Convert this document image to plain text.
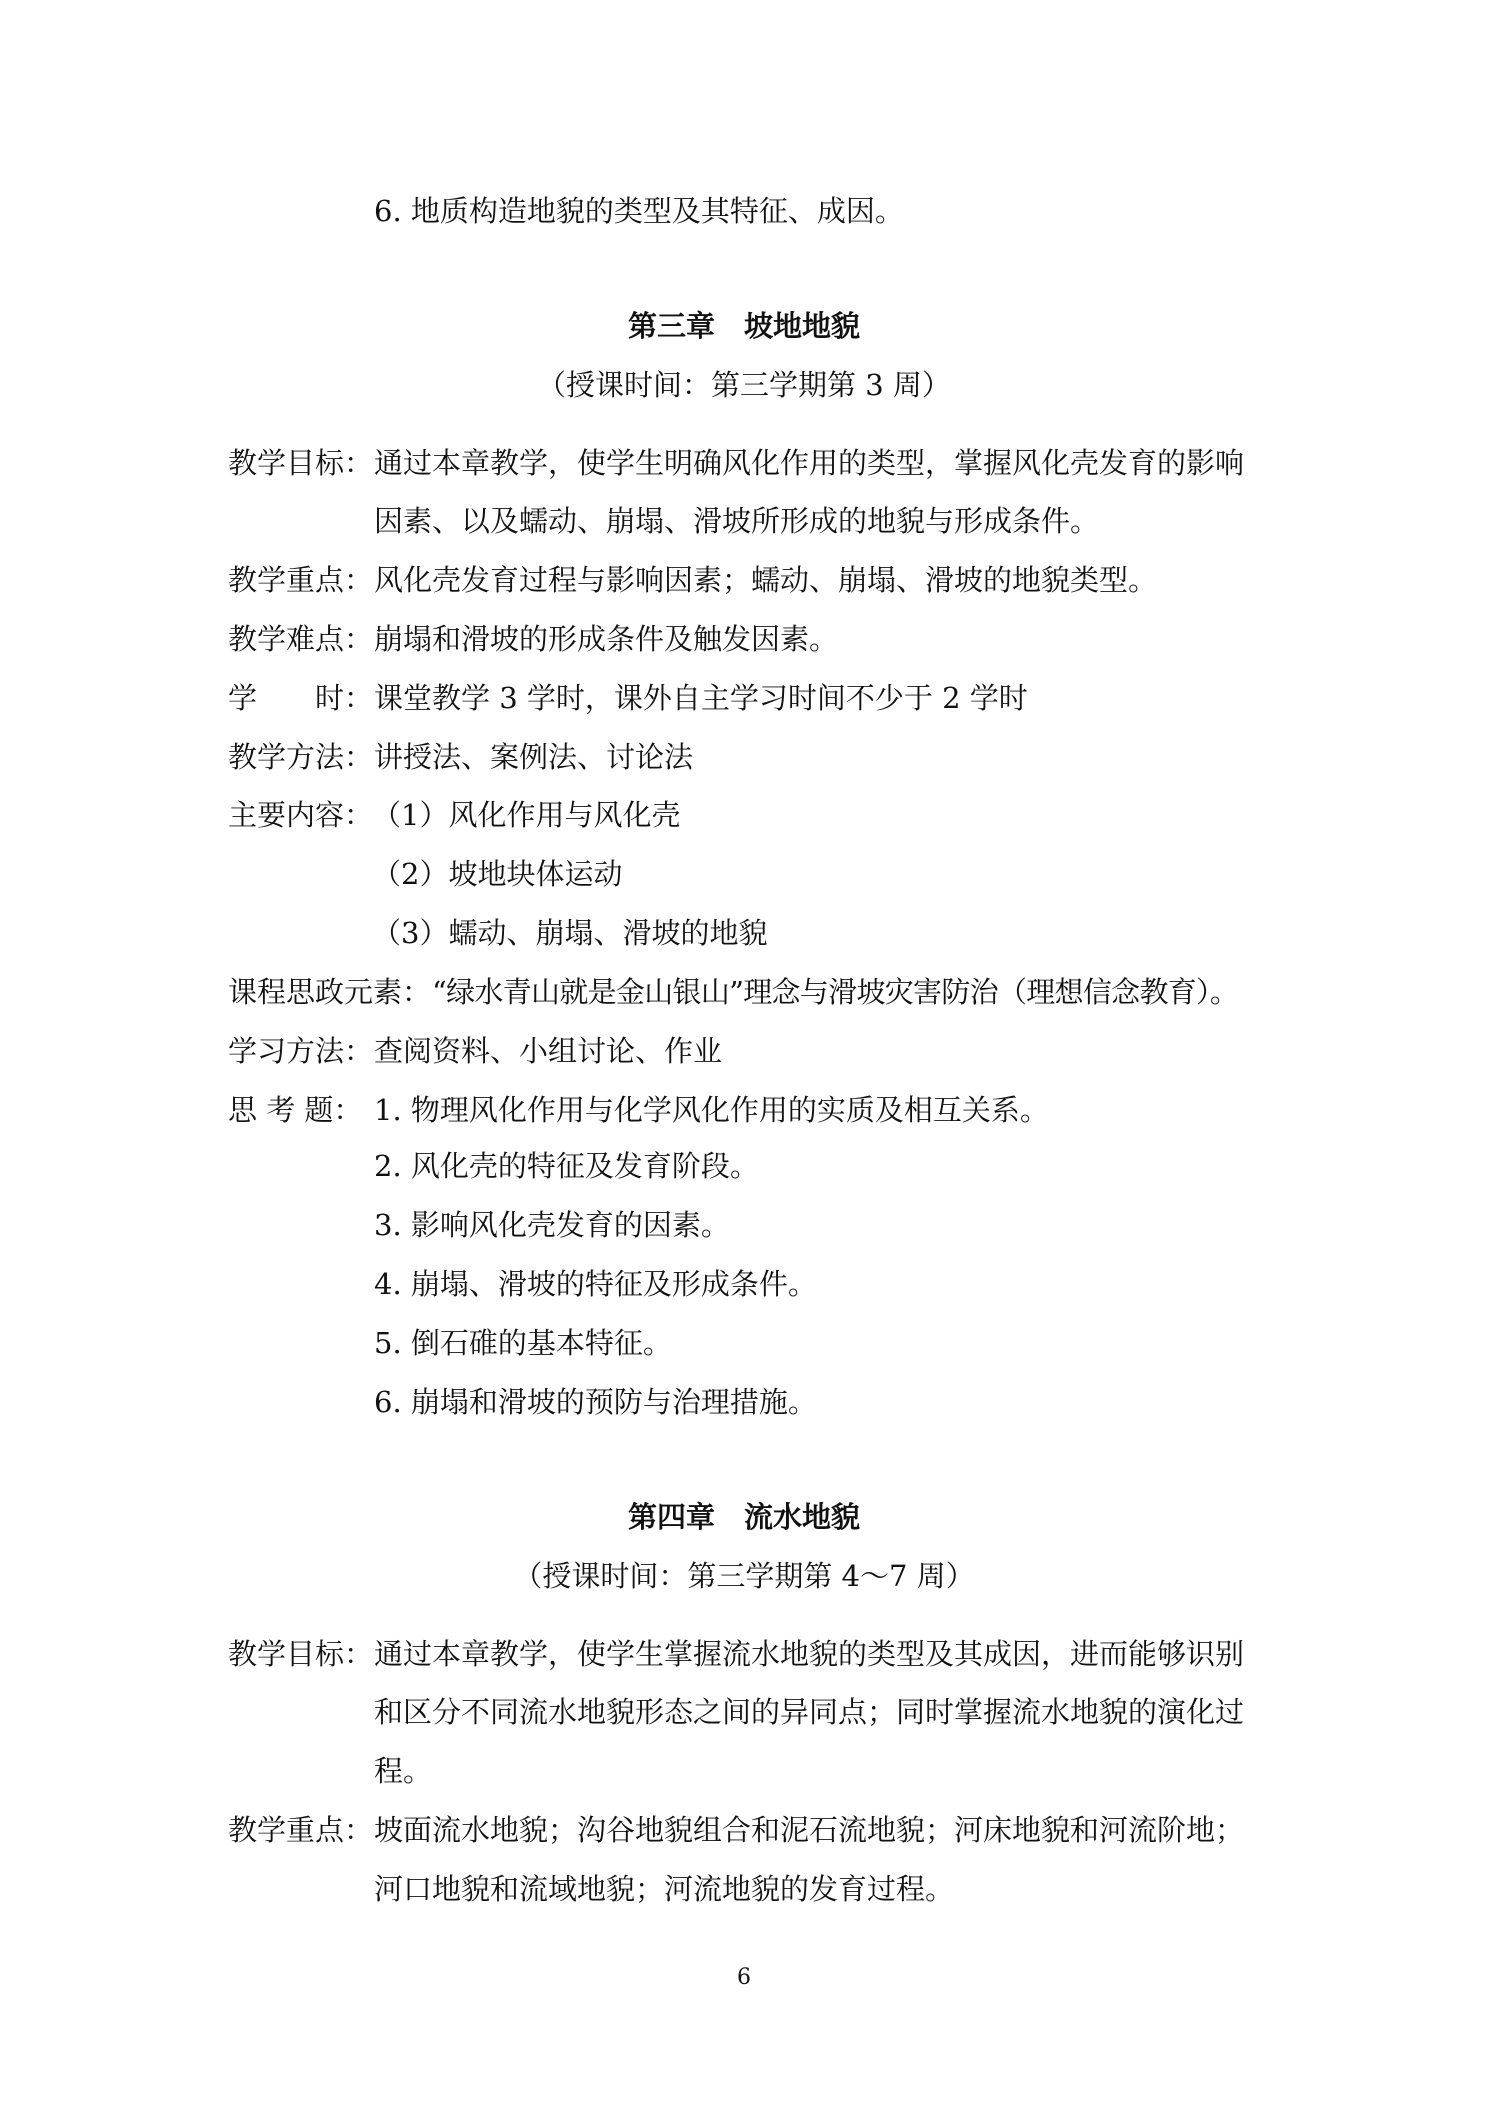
6. 地质构造地貌的类型及其特征、成因。
第三章　坡地地貌
（授课时间：第三学期第 3 周）
教学目标： 通过本章教学，使学生明确风化作用的类型，掌握风化壳发育的影响
因素、以及蠕动、崩塌、滑坡所形成的地貌与形成条件。
教学重点： 风化壳发育过程与影响因素；蠕动、崩塌、滑坡的地貌类型。
教学难点： 崩塌和滑坡的形成条件及触发因素。
学　　时： 课堂教学 3 学时，课外自主学习时间不少于 2 学时
教学方法： 讲授法、案例法、讨论法
主要内容：
（1）风化作用与风化壳
（2）坡地块体运动
（3）蠕动、崩塌、滑坡的地貌
课程思政元素： “绿水青山就是金山银山”理念与滑坡灾害防治（理想信念教育）。
学习方法： 查阅资料、小组讨论、作业
思 考 题： 1. 物理风化作用与化学风化作用的实质及相互关系。
2. 风化壳的特征及发育阶段。
3. 影响风化壳发育的因素。
4. 崩塌、滑坡的特征及形成条件。
5. 倒石碓的基本特征。
6. 崩塌和滑坡的预防与治理措施。
第四章　流水地貌
（授课时间：第三学期第 4～7 周）
教学目标： 通过本章教学，使学生掌握流水地貌的类型及其成因，进而能够识别
和区分不同流水地貌形态之间的异同点；同时掌握流水地貌的演化过
程。
教学重点： 坡面流水地貌；沟谷地貌组合和泥石流地貌；河床地貌和河流阶地；
河口地貌和流域地貌；河流地貌的发育过程。
6
